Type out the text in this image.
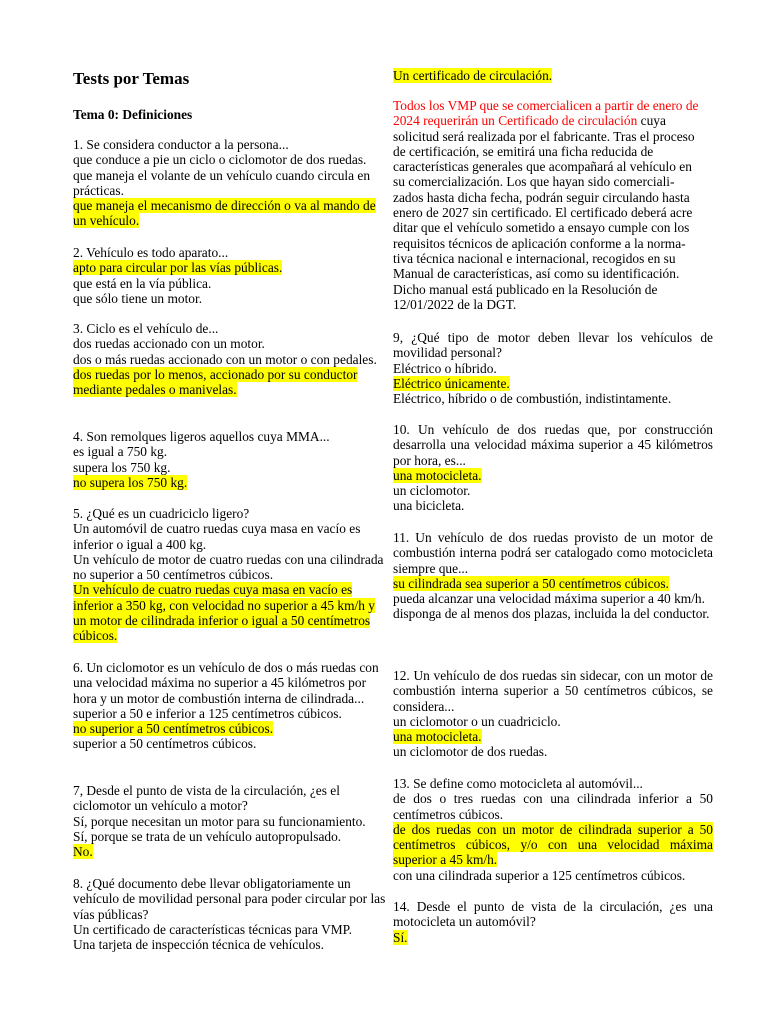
Tests por Temas
Tema 0: Definiciones

1. Se considera conductor a la persona...

que conduce a pie un ciclo o ciclomotor de dos ruedas.

que maneja el volante de un vehículo cuando circula en prácticas.

que maneja el mecanismo de dirección o va al mando de un vehículo.

2. Vehículo es todo aparato...

apto para circular por las vías públicas.

que está en la vía pública.

que sólo tiene un motor.

3. Ciclo es el vehículo de...

dos ruedas accionado con un motor.

dos o más ruedas accionado con un motor o con pedales.

dos ruedas por lo menos, accionado por su conductor mediante pedales o manivelas.

4. Son remolques ligeros aquellos cuya MMA...

es igual a 750 kg.

supera los 750 kg.

no supera los 750 kg.

5. ¿Qué es un cuadriciclo ligero?

Un automóvil de cuatro ruedas cuya masa en vacío es inferior o igual a 400 kg.

Un vehículo de motor de cuatro ruedas con una cilindrada no superior a 50 centímetros cúbicos.

Un vehículo de cuatro ruedas cuya masa en vacío es inferior a 350 kg, con velocidad no superior a 45 km/h y un motor de cilindrada inferior o igual a 50 centímetros cúbicos.

6. Un ciclomotor es un vehículo de dos o más ruedas con una velocidad máxima no superior a 45 kilómetros por hora y un motor de combustión interna de cilindrada...

superior a 50 e inferior a 125 centímetros cúbicos.

no superior a 50 centímetros cúbicos.

superior a 50 centímetros cúbicos.

7, Desde el punto de vista de la circulación, ¿es el ciclomotor un vehículo a motor?

Sí, porque necesitan un motor para su funcionamiento.

Sí, porque se trata de un vehículo autopropulsado.

No.

8. ¿Qué documento debe llevar obligatoriamente un vehículo de movilidad personal para poder circular por las vías públicas?

Un certificado de características técnicas para VMP.

Una tarjeta de inspección técnica de vehículos.

Un certificado de circulación.

Todos los VMP que se comercialicen a partir de enero de 2024 requerirán un Certificado de circulación cuya

solicitud será realizada por el fabricante. Tras el proceso

de certificación, se emitirá una ficha reducida de

características generales que acompañará al vehículo en

su comercialización. Los que hayan sido comerciali-

zados hasta dicha fecha, podrán seguir circulando hasta

enero de 2027 sin certificado. El certificado deberá acre

ditar que el vehículo sometido a ensayo cumple con los

requisitos técnicos de aplicación conforme a la norma-

tiva técnica nacional e internacional, recogidos en su

Manual de características, así como su identificación.

Dicho manual está publicado en la Resolución de

12/01/2022 de la DGT.

9, ¿Qué tipo de motor deben llevar los vehículos de movilidad personal?

Eléctrico o híbrido.

Eléctrico únicamente.

Eléctrico, híbrido o de combustión, indistintamente.

10. Un vehículo de dos ruedas que, por construcción desarrolla una velocidad máxima superior a 45 kilómetros por hora, es...

una motocicleta.

un ciclomotor.

una bicicleta.

11. Un vehículo de dos ruedas provisto de un motor de combustión interna podrá ser catalogado como motocicleta siempre que...

su cilindrada sea superior a 50 centímetros cúbicos.

pueda alcanzar una velocidad máxima superior a 40 km/h.

disponga de al menos dos plazas, incluida la del conductor.

12. Un vehículo de dos ruedas sin sidecar, con un motor de combustión interna superior a 50 centímetros cúbicos, se considera...

un ciclomotor o un cuadriciclo.

una motocicleta.

un ciclomotor de dos ruedas.

13. Se define como motocicleta al automóvil...

de dos o tres ruedas con una cilindrada inferior a 50 centímetros cúbicos.

de dos ruedas con un motor de cilindrada superior a 50 centímetros cúbicos, y/o con una velocidad máxima superior a 45 km/h.

con una cilindrada superior a 125 centímetros cúbicos.

14. Desde el punto de vista de la circulación, ¿es una motocicleta un automóvil?

Sí.
